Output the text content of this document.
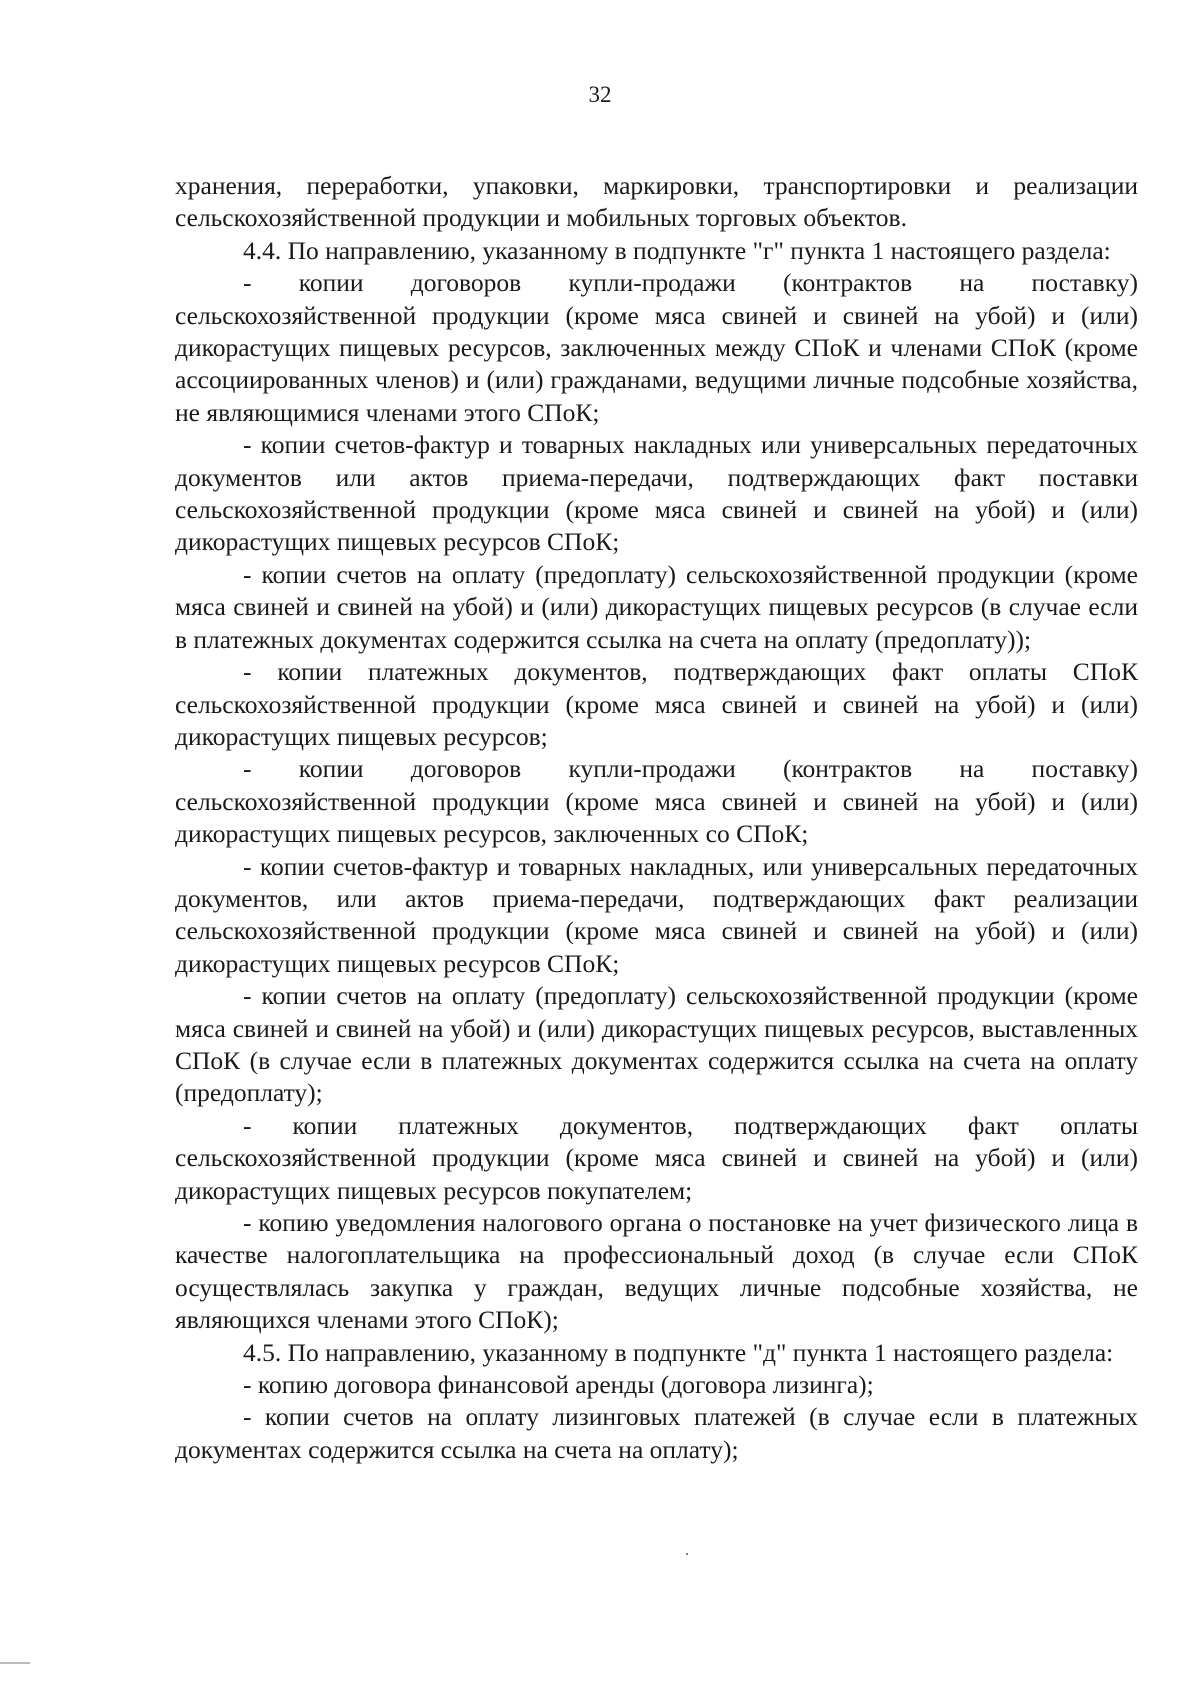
32

хранения, переработки, упаковки, маркировки, транспортировки и реализации сельскохозяйственной продукции и мобильных торговых объектов.

4.4. По направлению, указанному в подпункте "г" пункта 1 настоящего раздела:

- копии договоров купли-продажи (контрактов на поставку) сельскохозяйственной продукции (кроме мяса свиней и свиней на убой) и (или) дикорастущих пищевых ресурсов, заключенных между СПоК и членами СПоК (кроме ассоциированных членов) и (или) гражданами, ведущими личные подсобные хозяйства, не являющимися членами этого СПоК;

- копии счетов-фактур и товарных накладных или универсальных передаточных документов или актов приема-передачи, подтверждающих факт поставки сельскохозяйственной продукции (кроме мяса свиней и свиней на убой) и (или) дикорастущих пищевых ресурсов СПоК;

- копии счетов на оплату (предоплату) сельскохозяйственной продукции (кроме мяса свиней и свиней на убой) и (или) дикорастущих пищевых ресурсов (в случае если в платежных документах содержится ссылка на счета на оплату (предоплату));

- копии платежных документов, подтверждающих факт оплаты СПоК сельскохозяйственной продукции (кроме мяса свиней и свиней на убой) и (или) дикорастущих пищевых ресурсов;

- копии договоров купли-продажи (контрактов на поставку) сельскохозяйственной продукции (кроме мяса свиней и свиней на убой) и (или) дикорастущих пищевых ресурсов, заключенных со СПоК;

- копии счетов-фактур и товарных накладных, или универсальных передаточных документов, или актов приема-передачи, подтверждающих факт реализации сельскохозяйственной продукции (кроме мяса свиней и свиней на убой) и (или) дикорастущих пищевых ресурсов СПоК;

- копии счетов на оплату (предоплату) сельскохозяйственной продукции (кроме мяса свиней и свиней на убой) и (или) дикорастущих пищевых ресурсов, выставленных СПоК (в случае если в платежных документах содержится ссылка на счета на оплату (предоплату);

- копии платежных документов, подтверждающих факт оплаты сельскохозяйственной продукции (кроме мяса свиней и свиней на убой) и (или) дикорастущих пищевых ресурсов покупателем;

- копию уведомления налогового органа о постановке на учет физического лица в качестве налогоплательщика на профессиональный доход (в случае если СПоК осуществлялась закупка у граждан, ведущих личные подсобные хозяйства, не являющихся членами этого СПоК);

4.5. По направлению, указанному в подпункте "д" пункта 1 настоящего раздела:

- копию договора финансовой аренды (договора лизинга);

- копии счетов на оплату лизинговых платежей (в случае если в платежных документах содержится ссылка на счета на оплату);
